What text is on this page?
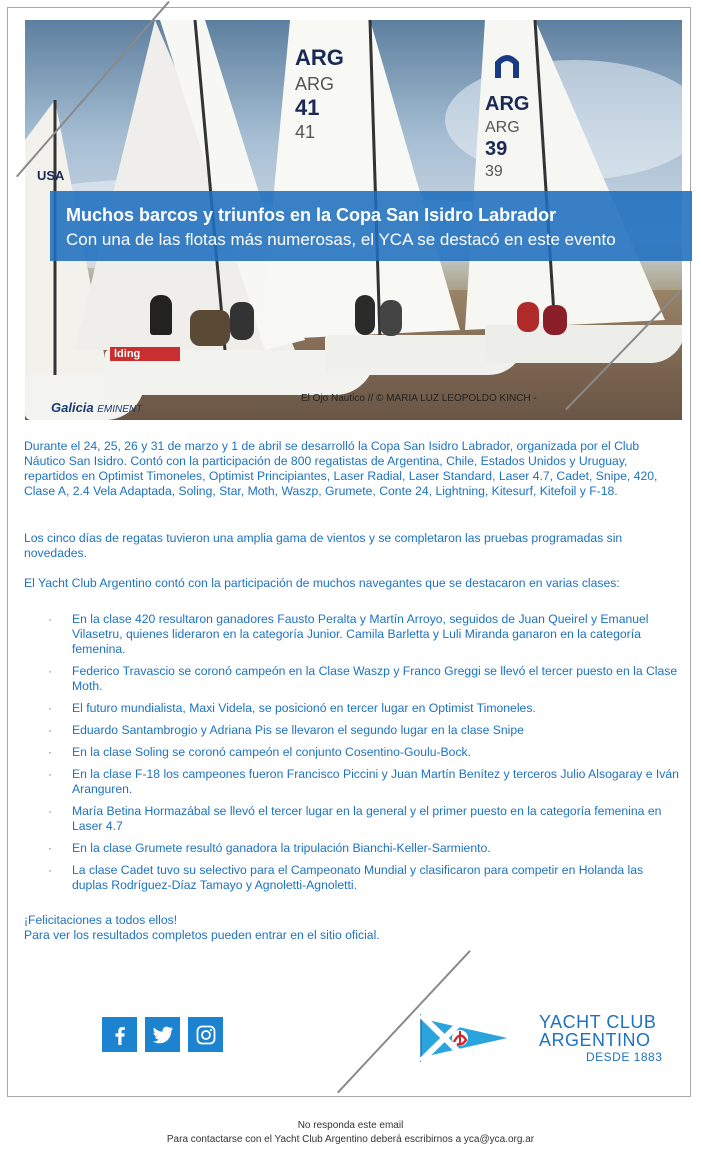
ARG
ARG
41
41
ARG
ARG
39
39
USA
lding
Galicia EMINENT
Muchos barcos y triunfos en la Copa San Isidro Labrador
Con una de las flotas más numerosas, el YCA se destacó en este evento
El Ojo Nautico // © MARIA LUZ LEOPOLDO KINCH -

Durante el 24, 25, 26 y 31 de marzo y 1 de abril se desarrolló la Copa San Isidro Labrador, organizada por el Club Náutico San Isidro. Contó con la participación de 800 regatistas de Argentina, Chile, Estados Unidos y Uruguay, repartidos en Optimist Timoneles, Optimist Principiantes, Laser Radial, Laser Standard, Laser 4.7, Cadet, Snipe, 420, Clase A, 2.4 Vela Adaptada, Soling, Star, Moth, Waszp, Grumete, Conte 24, Lightning, Kitesurf, Kitefoil y F-18.

Los cinco días de regatas tuvieron una amplia gama de vientos y se completaron las pruebas programadas sin novedades.

El Yacht Club Argentino contó con la participación de muchos navegantes que se destacaron en varias clases:

· En la clase 420 resultaron ganadores Fausto Peralta y Martín Arroyo, seguidos de Juan Queirel y Emanuel Vilasetru, quienes lideraron en la categoría Junior. Camila Barletta y Luli Miranda ganaron en la categoría femenina.
· Federico Travascio se coronó campeón en la Clase Waszp y Franco Greggi se llevó el tercer puesto en la Clase Moth.
· El futuro mundialista, Maxi Videla, se posicionó en tercer lugar en Optimist Timoneles.
· Eduardo Santambrogio y Adriana Pis se llevaron el segundo lugar en la clase Snipe
· En la clase Soling se coronó campeón el conjunto Cosentino-Goulu-Bock.
· En la clase F-18 los campeones fueron Francisco Piccini y Juan Martín Benítez y terceros Julio Alsogaray e Iván Aranguren.
· María Betina Hormazábal se llevó el tercer lugar en la general y el primer puesto en la categoría femenina en Laser 4.7
· En la clase Grumete resultó ganadora la tripulación Bianchi-Keller-Sarmiento.
· La clase Cadet tuvo su selectivo para el Campeonato Mundial y clasificaron para competir en Holanda las duplas Rodríguez-Díaz Tamayo y Agnoletti-Agnoletti.
¡Felicitaciones a todos ellos!
Para ver los resultados completos pueden entrar en el sitio oficial.
YACHT CLUB
ARGENTINO
DESDE 1883
No responda este email
Para contactarse con el Yacht Club Argentino deberá escribirnos a yca@yca.org.ar
